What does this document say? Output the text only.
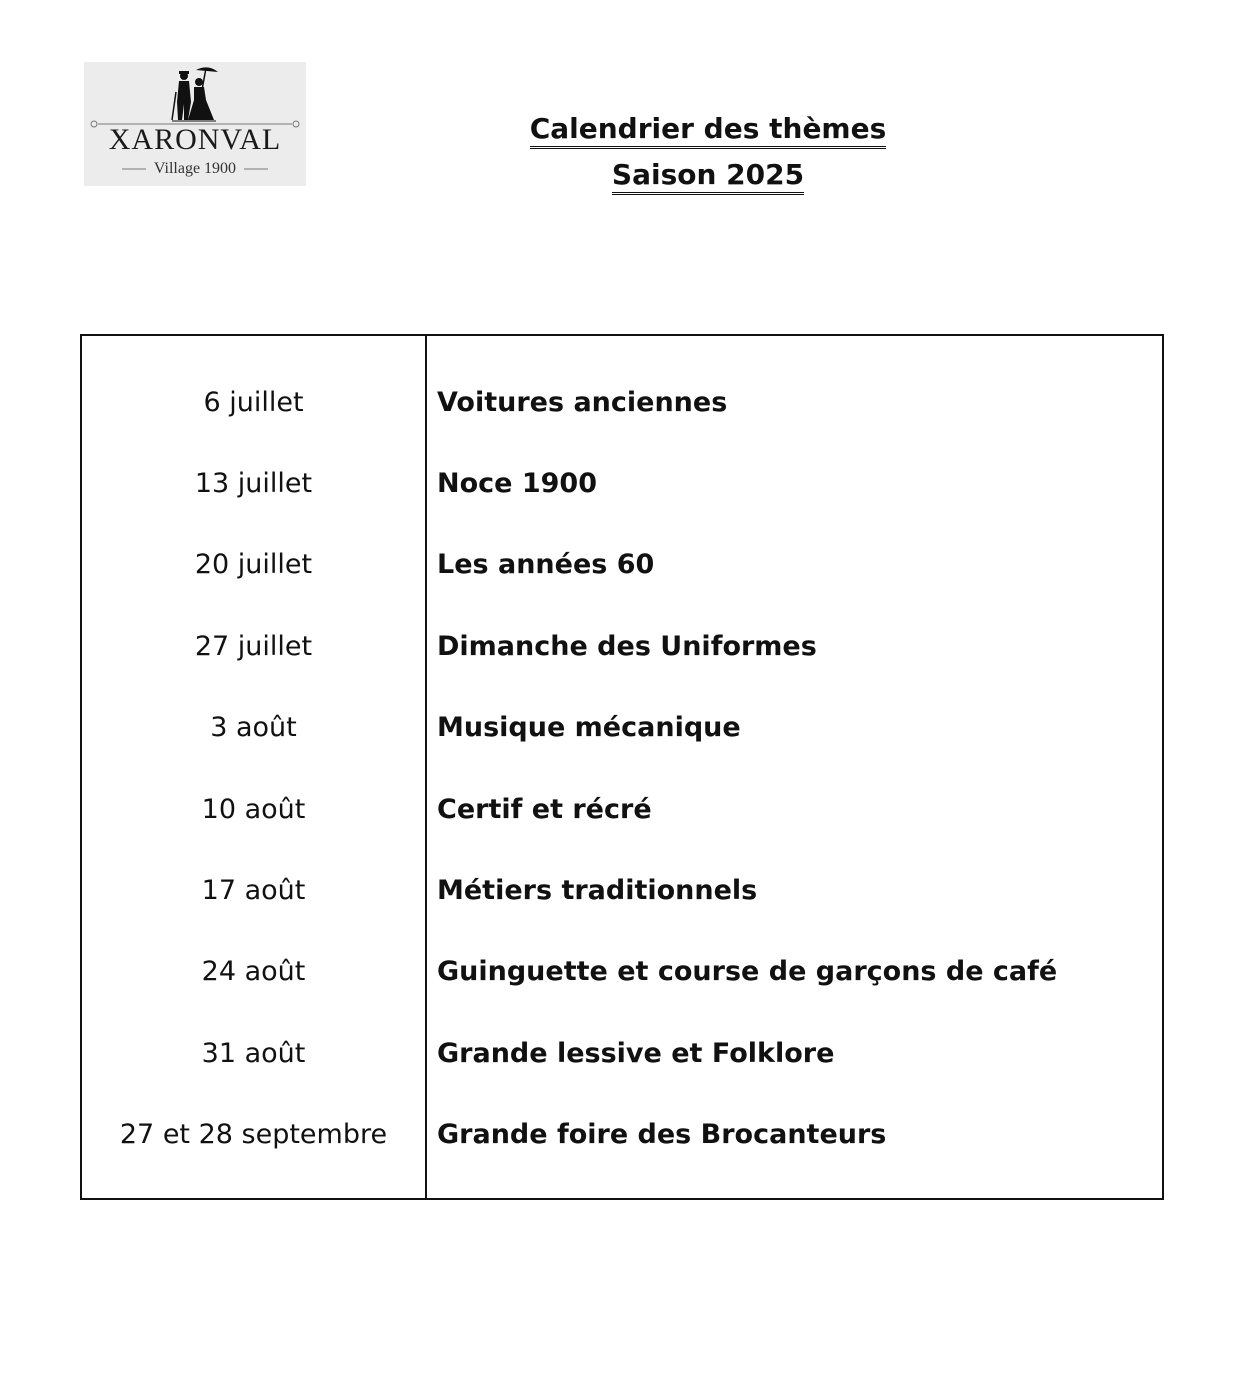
XARONVAL
Village 1900
Calendrier des thèmes
Saison 2025
6 juillet	Voitures anciennes
13 juillet	Noce 1900
20 juillet	Les années 60
27 juillet	Dimanche des Uniformes
3 août	Musique mécanique
10 août	Certif et récré
17 août	Métiers traditionnels
24 août	Guinguette et course de garçons de café
31 août	Grande lessive et Folklore
27 et 28 septembre	Grande foire des Brocanteurs
